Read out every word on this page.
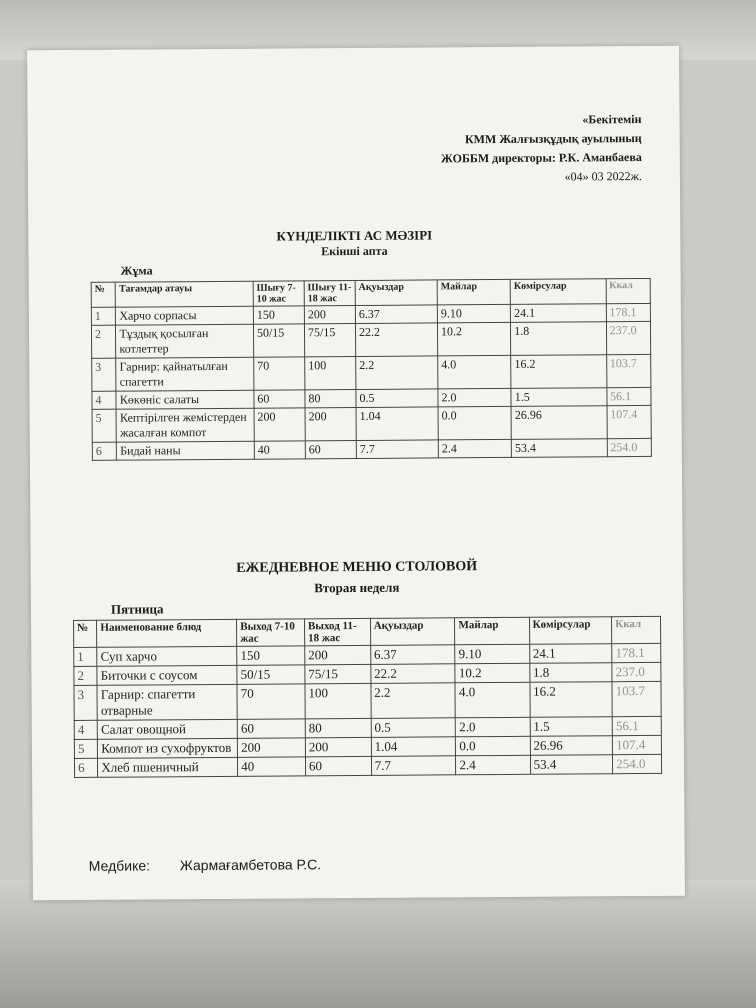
«Бекітемін
КММ Жалғызқұдық ауылының
ЖОББМ директоры: Р.К. Аманбаева
«04» 03 2022ж.
КҮНДЕЛІКТІ АС МӘЗІРІ
Екінші апта
Жұма
№	Тағамдар атауы	Шығу 7-10 жас	Шығу 11-18 жас	Ақуыздар	Майлар	Көмірсулар	Ккал
1	Харчо сорпасы	150	200	6.37	9.10	24.1	178.1
2	Тұздық қосылған котлеттер	50/15	75/15	22.2	10.2	1.8	237.0
3	Гарнир: қайнатылған спагетти	70	100	2.2	4.0	16.2	103.7
4	Көкөніс салаты	60	80	0.5	2.0	1.5	56.1
5	Кептірілген жемістерден жасалған компот	200	200	1.04	0.0	26.96	107.4
6	Бидай наны	40	60	7.7	2.4	53.4	254.0
ЕЖЕДНЕВНОЕ МЕНЮ СТОЛОВОЙ
Вторая неделя
Пятница
№	Наименование блюд	Выход 7-10 жас	Выход 11-18 жас	Ақуыздар	Майлар	Көмірсулар	Ккал
1	Суп харчо	150	200	6.37	9.10	24.1	178.1
2	Биточки с соусом	50/15	75/15	22.2	10.2	1.8	237.0
3	Гарнир: спагетти отварные	70	100	2.2	4.0	16.2	103.7
4	Салат овощной	60	80	0.5	2.0	1.5	56.1
5	Компот из сухофруктов	200	200	1.04	0.0	26.96	107.4
6	Хлеб пшеничный	40	60	7.7	2.4	53.4	254.0
Медбике: Жармағамбетова Р.С.
